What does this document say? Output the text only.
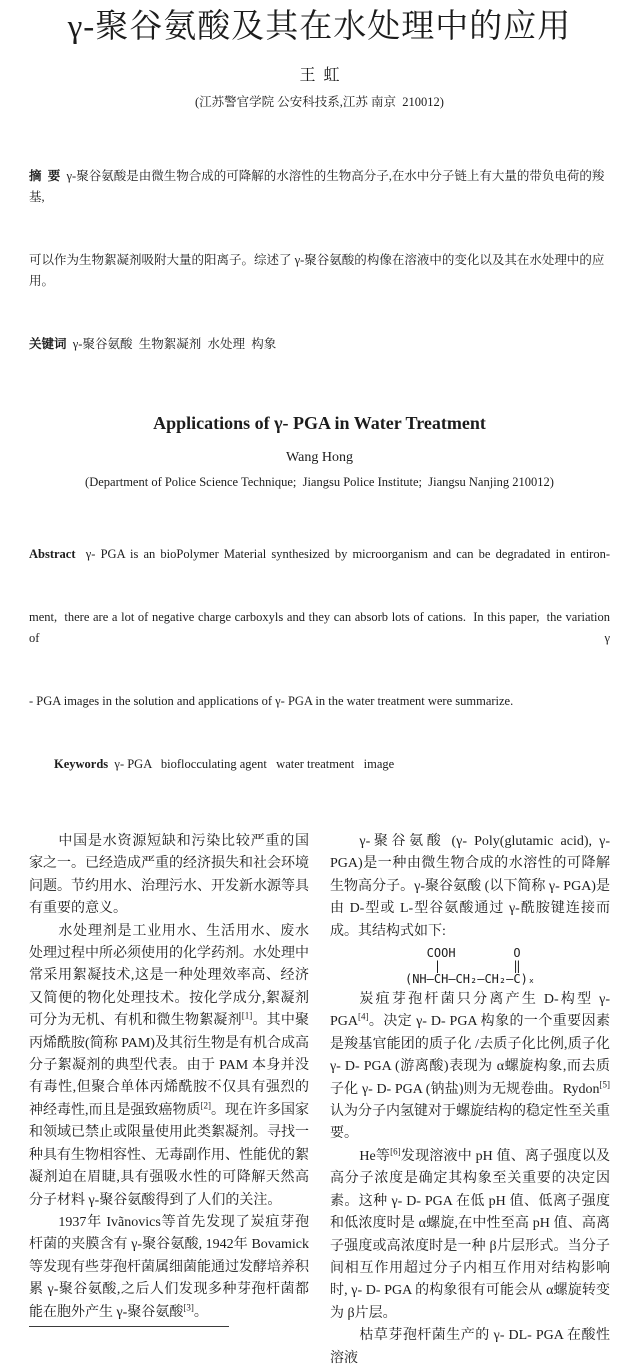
γ-聚谷氨酸及其在水处理中的应用
王  虹
(江苏警官学院 公安科技系,江苏 南京  210012)

摘  要  γ-聚谷氨酸是由微生物合成的可降解的水溶性的生物高分子,在水中分子链上有大量的带负电荷的羧基,

可以作为生物絮凝剂吸附大量的阳离子。综述了 γ-聚谷氨酸的构像在溶液中的变化以及其在水处理中的应用。

关键词  γ-聚谷氨酸  生物絮凝剂  水处理  构象

Applications of γ- PGA in Water Treatment
Wang Hong
(Department of Police Science Technique;  Jiangsu Police Institute;  Jiangsu Nanjing 210012)

Abstract  γ- PGA is an bioPolymer Material synthesized by microorganism and can be degradated in entiron-

ment,  there are a lot of negative charge carboxyls and they can absorb lots of cations.  In this paper,  the variation of γ

- PGA images in the solution and applications of γ- PGA in the water treatment were summarize.

Keywords  γ- PGA   bioflocculating agent   water treatment   image

中国是水资源短缺和污染比较严重的国家之一。已经造成严重的经济损失和社会环境问题。节约用水、治理污水、开发新水源等具有重要的意义。

水处理剂是工业用水、生活用水、废水处理过程中所必须使用的化学药剂。水处理中常采用絮凝技术,这是一种处理效率高、经济又简便的物化处理技术。按化学成分,絮凝剂可分为无机、有机和微生物絮凝剂[1]。其中聚丙烯酰胺(简称 PAM)及其衍生物是有机合成高分子絮凝剂的典型代表。由于 PAM 本身并没有毒性,但聚合单体丙烯酰胺不仅具有强烈的神经毒性,而且是强致癌物质[2]。现在许多国家和领域已禁止或限量使用此类絮凝剂。寻找一种具有生物相容性、无毒副作用、性能优的絮凝剂迫在眉睫,具有强吸水性的可降解天然高分子材料 γ-聚谷氨酸得到了人们的关注。

1937年 Ivãnovics等首先发现了炭疽芽孢杆菌的夹膜含有 γ-聚谷氨酸, 1942年 Bovamick等发现有些芽孢杆菌属细菌能通过发酵培养积累 γ-聚谷氨酸,之后人们发现多种芽孢杆菌都能在胞外产生 γ-聚谷氨酸[3]。

γ-聚谷氨酸 (γ- Poly(glutamic acid), γ- PGA)是一种由微生物合成的水溶性的可降解生物高分子。γ-聚谷氨酸 (以下简称 γ- PGA)是由 D-型或 L-型谷氨酸通过 γ-酰胺键连接而成。其结构式如下:

COOH        O
|          ‖
(NH—CH—CH₂—CH₂—C)ₓ

炭疽芽孢杆菌只分离产生 D-构型 γ- PGA[4]。决定 γ- D- PGA 构象的一个重要因素是羧基官能团的质子化 /去质子化比例,质子化 γ- D- PGA (游离酸)表现为 α螺旋构象,而去质子化 γ- D- PGA (钠盐)则为无规卷曲。Rydon[5]认为分子内氢键对于螺旋结构的稳定性至关重要。

He等[6]发现溶液中 pH 值、离子强度以及高分子浓度是确定其构象至关重要的决定因素。这种 γ- D- PGA 在低 pH 值、低离子强度和低浓度时是 α螺旋,在中性至高 pH 值、高离子强度或高浓度时是一种 β片层形式。当分子间相互作用超过分子内相互作用对结构影响时, γ- D- PGA 的构象很有可能会从 α螺旋转变为 β片层。

枯草芽孢杆菌生产的 γ- DL- PGA 在酸性溶液
